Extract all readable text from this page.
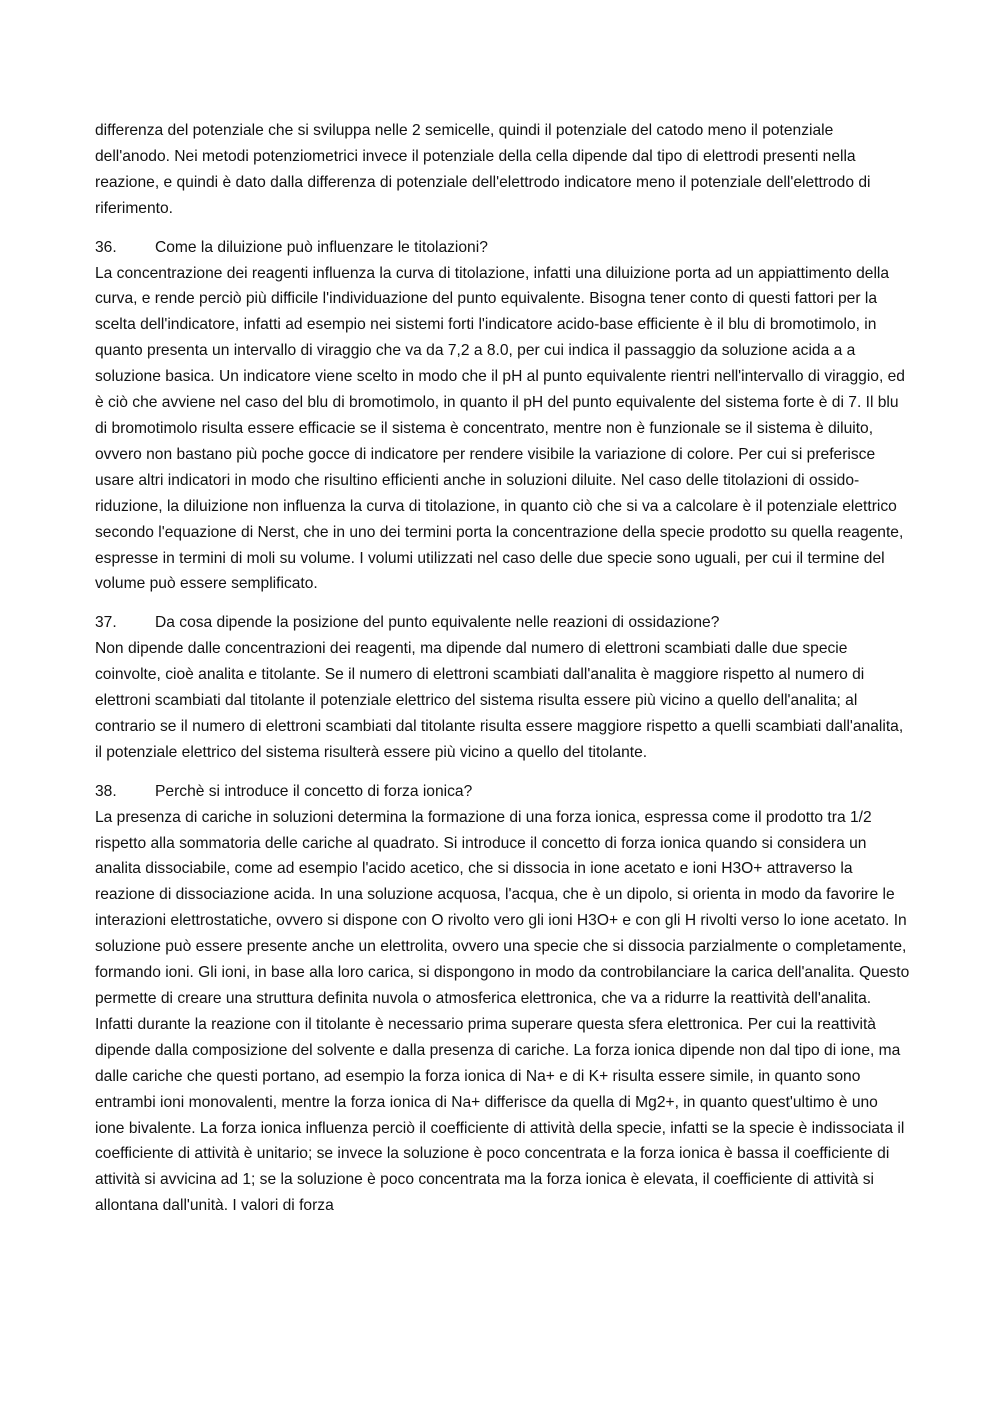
differenza del potenziale che si sviluppa nelle 2 semicelle, quindi il potenziale del catodo meno il potenziale dell'anodo. Nei metodi potenziometrici invece il potenziale della cella dipende dal tipo di elettrodi presenti nella reazione, e quindi è dato dalla differenza di potenziale dell'elettrodo indicatore meno il potenziale dell'elettrodo di riferimento.

36.	Come la diluizione può influenzare le titolazioni?

La concentrazione dei reagenti influenza la curva di titolazione, infatti una diluizione porta ad un appiattimento della curva, e rende perciò più difficile l'individuazione del punto equivalente. Bisogna tener conto di questi fattori per la scelta dell'indicatore, infatti ad esempio nei sistemi forti l'indicatore acido-base efficiente è il blu di bromotimolo, in quanto presenta un intervallo di viraggio che va da 7,2 a 8.0, per cui indica il passaggio da soluzione acida a a soluzione basica. Un indicatore viene scelto in modo che il pH al punto equivalente rientri nell'intervallo di viraggio, ed è ciò che avviene nel caso del blu di bromotimolo, in quanto il pH del punto equivalente del sistema forte è di 7. Il blu di bromotimolo risulta essere efficacie se il sistema è concentrato, mentre non è funzionale se il sistema è diluito, ovvero non bastano più poche gocce di indicatore per rendere visibile la variazione di colore. Per cui si preferisce usare altri indicatori in modo che risultino efficienti anche in soluzioni diluite. Nel caso delle titolazioni di ossido-riduzione, la diluizione non influenza la curva di titolazione, in quanto ciò che si va a calcolare è il potenziale elettrico secondo l'equazione di Nerst, che in uno dei termini porta la concentrazione della specie prodotto su quella reagente, espresse in termini di moli su volume. I volumi utilizzati nel caso delle due specie sono uguali, per cui il termine del volume può essere semplificato.

37.	Da cosa dipende la posizione del punto equivalente nelle reazioni di ossidazione?

Non dipende dalle concentrazioni dei reagenti, ma dipende dal numero di elettroni scambiati dalle due specie coinvolte, cioè analita e titolante. Se il numero di elettroni scambiati dall'analita è maggiore rispetto al numero di elettroni scambiati dal titolante il potenziale elettrico del sistema risulta essere più vicino a quello dell'analita; al contrario se il numero di elettroni scambiati dal titolante risulta essere maggiore rispetto a quelli scambiati dall'analita, il potenziale elettrico del sistema risulterà essere più vicino a quello del titolante.

38.	Perchè si introduce il concetto di forza ionica?

La presenza di cariche in soluzioni determina la formazione di una forza ionica, espressa come il prodotto tra 1/2 rispetto alla sommatoria delle cariche al quadrato. Si introduce il concetto di forza ionica quando si considera un analita dissociabile, come ad esempio l'acido acetico, che si dissocia in ione acetato e ioni H3O+ attraverso la reazione di dissociazione acida. In una soluzione acquosa, l'acqua, che è un dipolo, si orienta in modo da favorire le interazioni elettrostatiche, ovvero si dispone con O rivolto vero gli ioni H3O+ e con gli H rivolti verso lo ione acetato. In soluzione può essere presente anche un elettrolita, ovvero una specie che si dissocia parzialmente o completamente, formando ioni. Gli ioni, in base alla loro carica, si dispongono in modo da controbilanciare la carica dell'analita. Questo permette di creare una struttura definita nuvola o atmosferica elettronica, che va a ridurre la reattività dell'analita. Infatti durante la reazione con il titolante è necessario prima superare questa sfera elettronica. Per cui la reattività dipende dalla composizione del solvente e dalla presenza di cariche. La forza ionica dipende non dal tipo di ione, ma dalle cariche che questi portano, ad esempio la forza ionica di Na+ e di K+ risulta essere simile, in quanto sono entrambi ioni monovalenti, mentre la forza ionica di Na+ differisce da quella di Mg2+, in quanto quest'ultimo è uno ione bivalente. La forza ionica influenza perciò il coefficiente di attività della specie, infatti se la specie è indissociata il coefficiente di attività è unitario; se invece la soluzione è poco concentrata e la forza ionica è bassa il coefficiente di attività si avvicina ad 1; se la soluzione è poco concentrata ma la forza ionica è elevata, il coefficiente di attività si allontana dall'unità. I valori di forza
